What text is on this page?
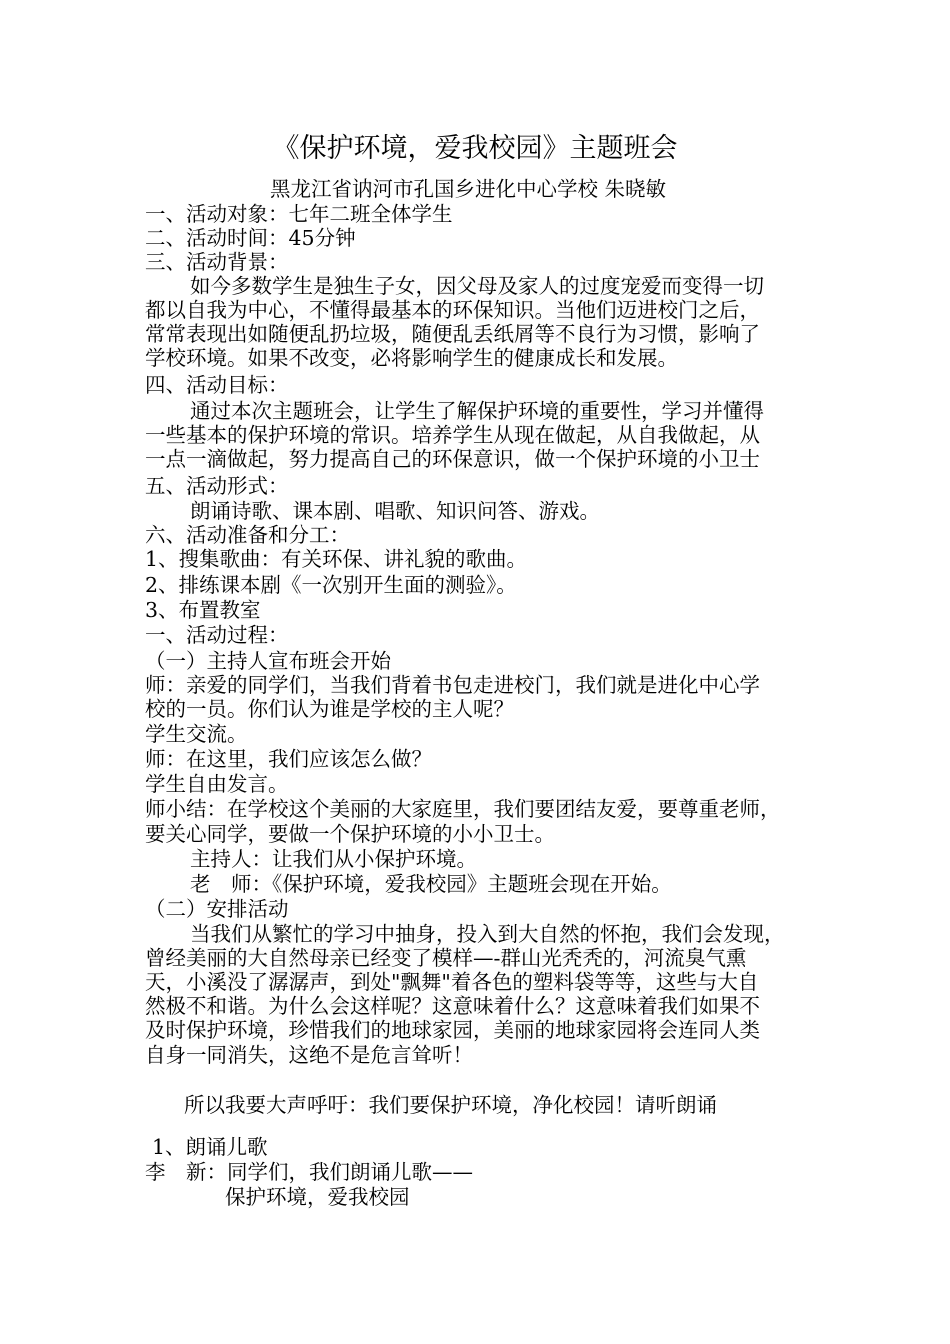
《保护环境，爱我校园》主题班会
黑龙江省讷河市孔国乡进化中心学校 朱晓敏
一、活动对象：七年二班全体学生
二、活动时间：45分钟
三、活动背景：
如今多数学生是独生子女，因父母及家人的过度宠爱而变得一切
都以自我为中心，不懂得最基本的环保知识。当他们迈进校门之后，
常常表现出如随便乱扔垃圾，随便乱丢纸屑等不良行为习惯，影响了
学校环境。如果不改变，必将影响学生的健康成长和发展。
四、活动目标：
通过本次主题班会，让学生了解保护环境的重要性，学习并懂得
一些基本的保护环境的常识。培养学生从现在做起，从自我做起，从
一点一滴做起，努力提高自己的环保意识，做一个保护环境的小卫士
五、活动形式：
朗诵诗歌、课本剧、唱歌、知识问答、游戏。
六、活动准备和分工：
1、搜集歌曲：有关环保、讲礼貌的歌曲。
2、排练课本剧《一次别开生面的测验》。
3、布置教室
一、活动过程：
（一）主持人宣布班会开始
师：亲爱的同学们，当我们背着书包走进校门，我们就是进化中心学
校的一员。你们认为谁是学校的主人呢？
学生交流。
师：在这里，我们应该怎么做？
学生自由发言。
师小结：在学校这个美丽的大家庭里，我们要团结友爱，要尊重老师，
要关心同学，要做一个保护环境的小小卫士。
主持人：让我们从小保护环境。
老　师：《保护环境，爱我校园》主题班会现在开始。
（二）安排活动
当我们从繁忙的学习中抽身，投入到大自然的怀抱，我们会发现，
曾经美丽的大自然母亲已经变了模样—-群山光秃秃的，河流臭气熏
天，小溪没了潺潺声，到处"飘舞"着各色的塑料袋等等，这些与大自
然极不和谐。为什么会这样呢？这意味着什么？这意味着我们如果不
及时保护环境，珍惜我们的地球家园，美丽的地球家园将会连同人类
自身一同消失，这绝不是危言耸听！
所以我要大声呼吁：我们要保护环境，净化校园！请听朗诵
1、朗诵儿歌
李　新：同学们，我们朗诵儿歌——
保护环境，爱我校园
